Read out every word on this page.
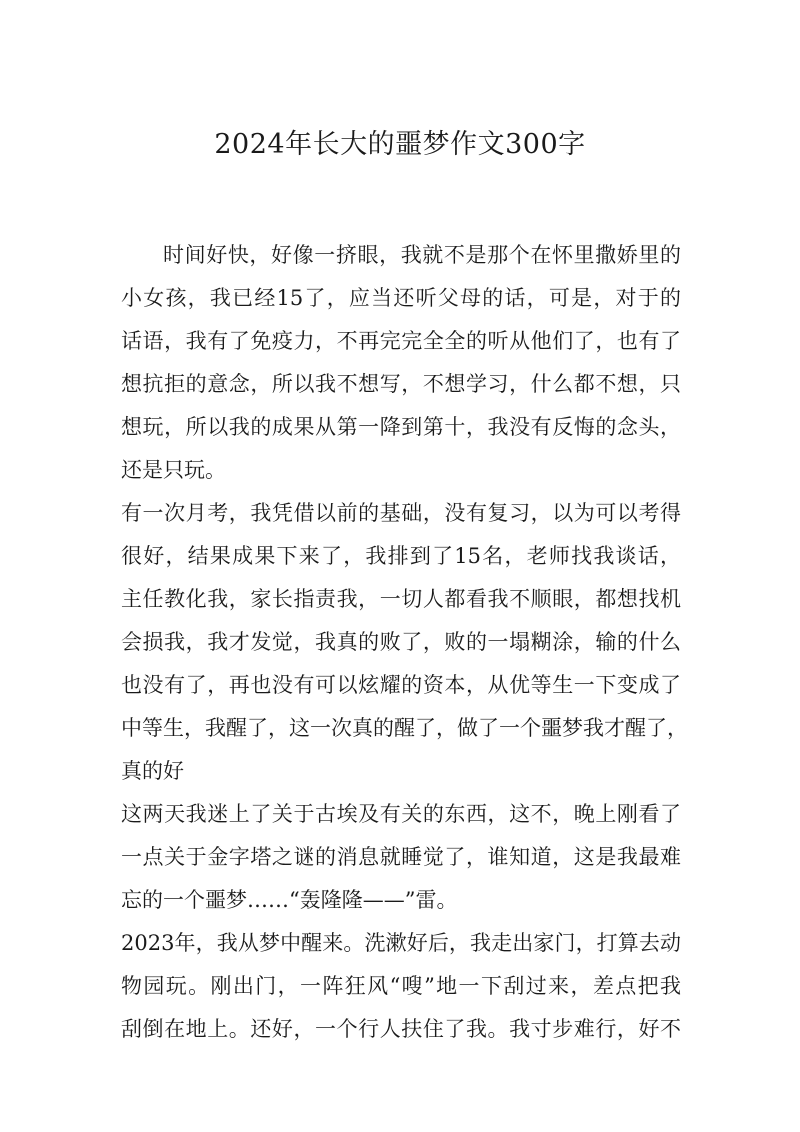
2024年长大的噩梦作文300字

时间好快，好像一挤眼，我就不是那个在怀里撒娇里的

小女孩，我已经15了，应当还听父母的话，可是，对于的

话语，我有了免疫力，不再完完全全的听从他们了，也有了

想抗拒的意念，所以我不想写，不想学习，什么都不想，只

想玩，所以我的成果从第一降到第十，我没有反悔的念头，

还是只玩。

有一次月考，我凭借以前的基础，没有复习，以为可以考得

很好，结果成果下来了，我排到了15名，老师找我谈话，

主任教化我，家长指责我，一切人都看我不顺眼，都想找机

会损我，我才发觉，我真的败了，败的一塌糊涂，输的什么

也没有了，再也没有可以炫耀的资本，从优等生一下变成了

中等生，我醒了，这一次真的醒了，做了一个噩梦我才醒了，

真的好

这两天我迷上了关于古埃及有关的东西，这不，晚上刚看了

一点关于金字塔之谜的消息就睡觉了，谁知道，这是我最难

忘的一个噩梦……“轰隆隆——”雷。

2023年，我从梦中醒来。洗漱好后，我走出家门，打算去动

物园玩。刚出门，一阵狂风“嗖”地一下刮过来，差点把我

刮倒在地上。还好，一个行人扶住了我。我寸步难行，好不
